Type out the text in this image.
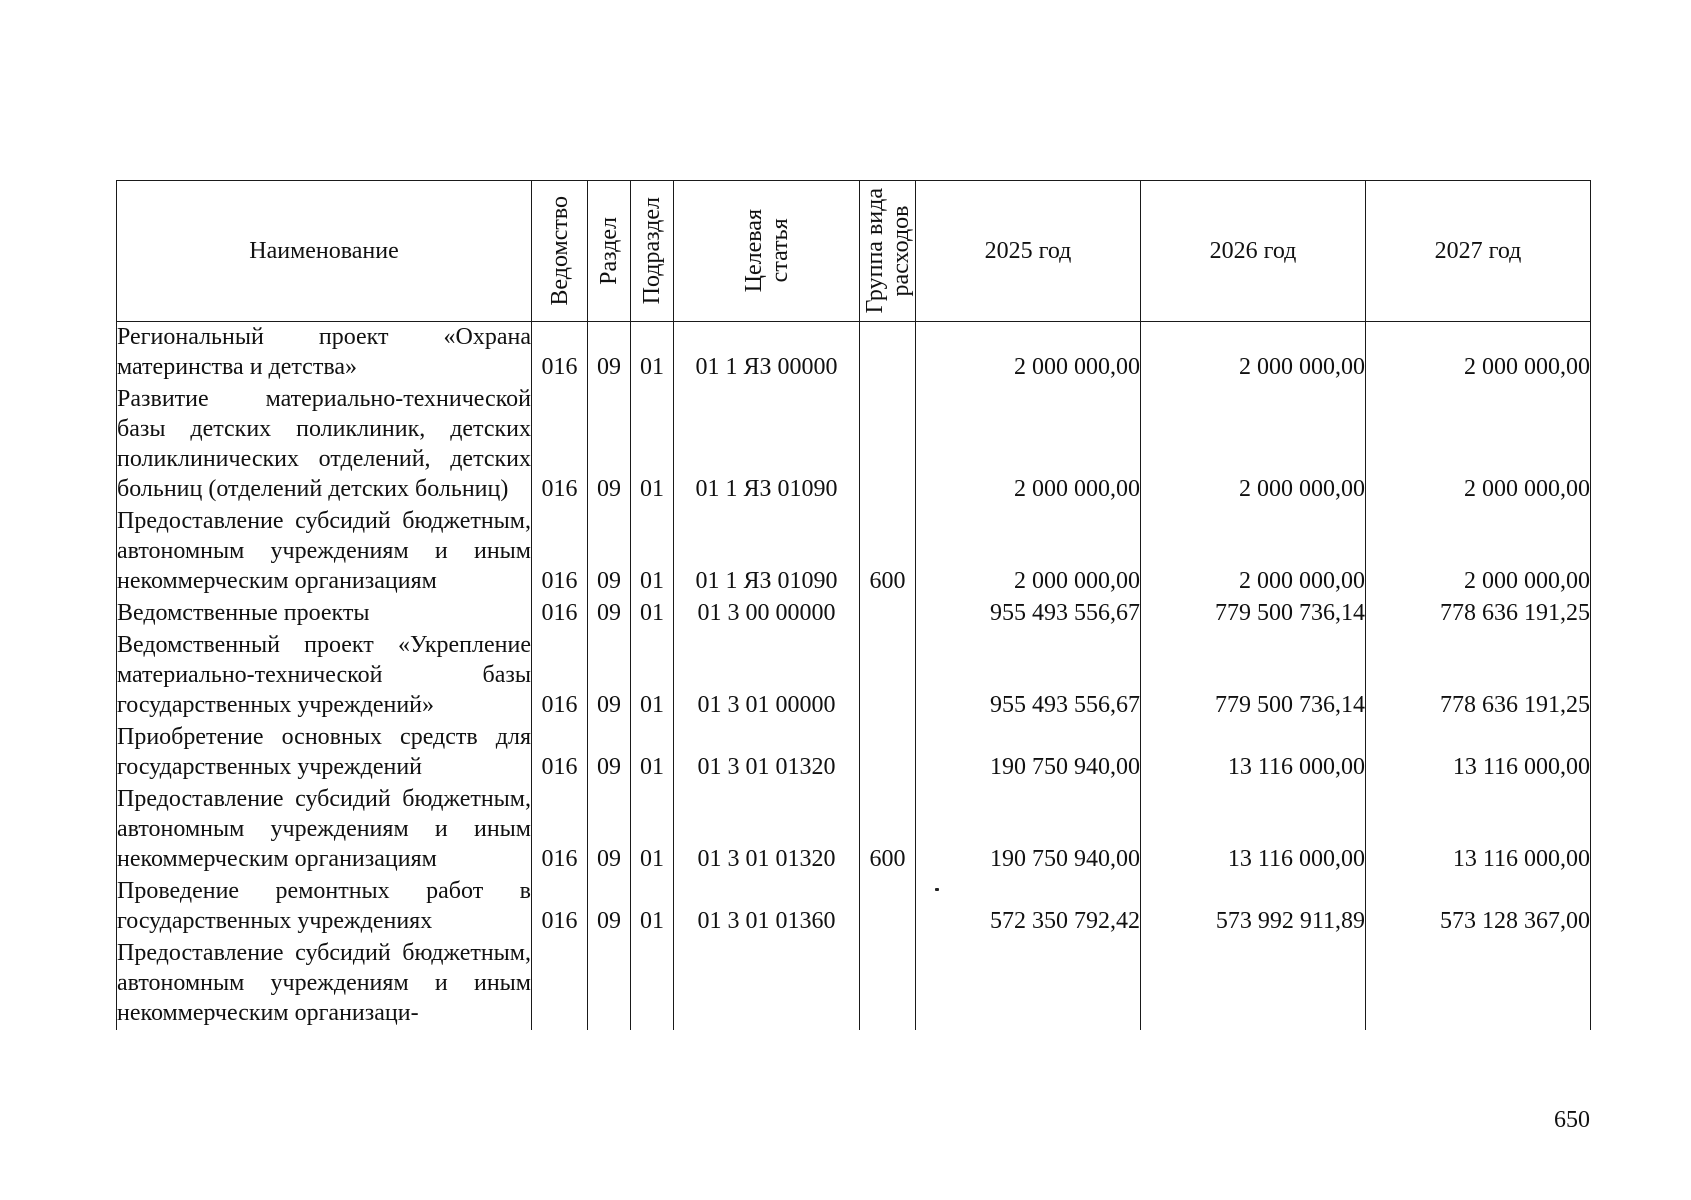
Наименование	Ведомство	Раздел	Подраздел	Целевая статья	Группа вида расходов	2025 год	2026 год	2027 год
Региональный проект «Охрана материнства и детства»	016	09	01	01 1 ЯЗ 00000		2 000 000,00	2 000 000,00	2 000 000,00
Развитие материально-технической базы детских поликлиник, детских поликлинических отделений, детских больниц (отделений детских больниц)	016	09	01	01 1 ЯЗ 01090		2 000 000,00	2 000 000,00	2 000 000,00
Предоставление субсидий бюджетным, автономным учреждениям и иным некоммерческим организациям	016	09	01	01 1 ЯЗ 01090	600	2 000 000,00	2 000 000,00	2 000 000,00
Ведомственные проекты	016	09	01	01 3 00 00000		955 493 556,67	779 500 736,14	778 636 191,25
Ведомственный проект «Укрепление материально-технической базы государственных учреждений»	016	09	01	01 3 01 00000		955 493 556,67	779 500 736,14	778 636 191,25
Приобретение основных средств для государственных учреждений	016	09	01	01 3 01 01320		190 750 940,00	13 116 000,00	13 116 000,00
Предоставление субсидий бюджетным, автономным учреждениям и иным некоммерческим организациям	016	09	01	01 3 01 01320	600	190 750 940,00	13 116 000,00	13 116 000,00
Проведение ремонтных работ в государственных учреждениях	016	09	01	01 3 01 01360		572 350 792,42	573 992 911,89	573 128 367,00
Предоставление субсидий бюджетным, автономным учреждениям и иным некоммерческим организаци-								
650
